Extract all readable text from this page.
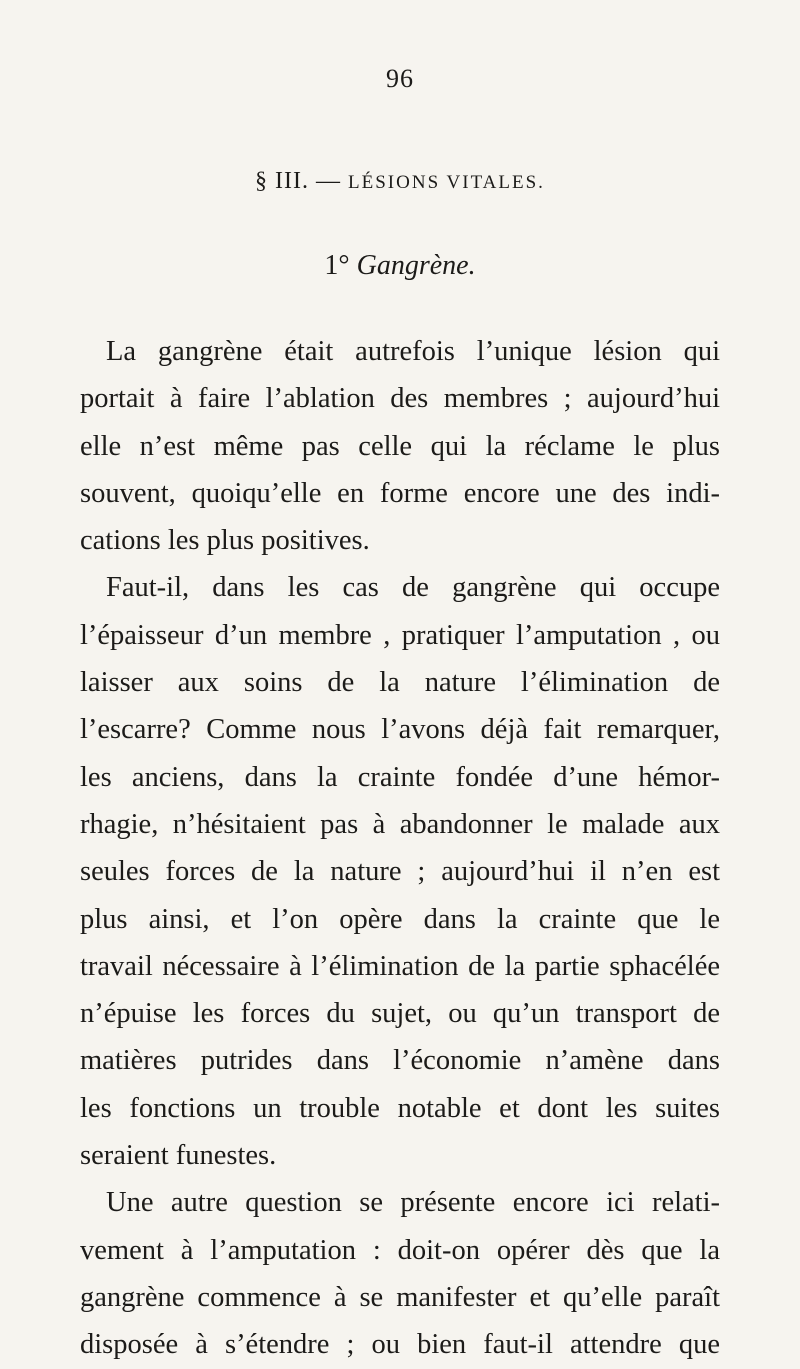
96
§ III. — LÉSIONS VITALES.
1° Gangrène.
La gangrène était autrefois l’unique lésion qui
portait à faire l’ablation des membres ; aujourd’hui
elle n’est même pas celle qui la réclame le plus
souvent, quoiqu’elle en forme encore une des indi-
cations les plus positives.
Faut-il, dans les cas de gangrène qui occupe
l’épaisseur d’un membre , pratiquer l’amputation , ou
laisser aux soins de la nature l’élimination de
l’escarre? Comme nous l’avons déjà fait remarquer,
les anciens, dans la crainte fondée d’une hémor-
rhagie, n’hésitaient pas à abandonner le malade aux
seules forces de la nature ; aujourd’hui il n’en est
plus ainsi, et l’on opère dans la crainte que le
travail nécessaire à l’élimination de la partie sphacélée
n’épuise les forces du sujet, ou qu’un transport de
matières putrides dans l’économie n’amène dans
les fonctions un trouble notable et dont les suites
seraient funestes.
Une autre question se présente encore ici relati-
vement à l’amputation : doit-on opérer dès que la
gangrène commence à se manifester et qu’elle paraît
disposée à s’étendre ; ou bien faut-il attendre que
